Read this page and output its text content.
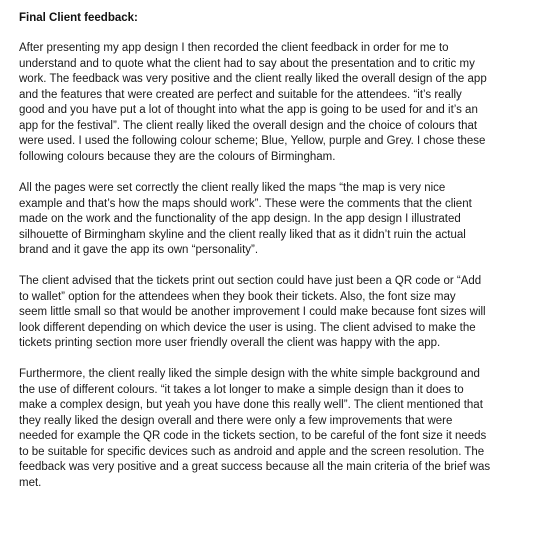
Final Client feedback:
After presenting my app design I then recorded the client feedback in order for me to
understand and to quote what the client had to say about the presentation and to critic my
work. The feedback was very positive and the client really liked the overall design of the app
and the features that were created are perfect and suitable for the attendees. “it’s really
good and you have put a lot of thought into what the app is going to be used for and it’s an
app for the festival”. The client really liked the overall design and the choice of colours that
were used. I used the following colour scheme; Blue, Yellow, purple and Grey. I chose these
following colours because they are the colours of Birmingham.
All the pages were set correctly the client really liked the maps “the map is very nice
example and that’s how the maps should work”. These were the comments that the client
made on the work and the functionality of the app design. In the app design I illustrated
silhouette of Birmingham skyline and the client really liked that as it didn’t ruin the actual
brand and it gave the app its own “personality”.
The client advised that the tickets print out section could have just been a QR code or “Add
to wallet” option for the attendees when they book their tickets. Also, the font size may
seem little small so that would be another improvement I could make because font sizes will
look different depending on which device the user is using. The client advised to make the
tickets printing section more user friendly overall the client was happy with the app.
Furthermore, the client really liked the simple design with the white simple background and
the use of different colours. “it takes a lot longer to make a simple design than it does to
make a complex design, but yeah you have done this really well”. The client mentioned that
they really liked the design overall and there were only a few improvements that were
needed for example the QR code in the tickets section, to be careful of the font size it needs
to be suitable for specific devices such as android and apple and the screen resolution. The
feedback was very positive and a great success because all the main criteria of the brief was
met.
